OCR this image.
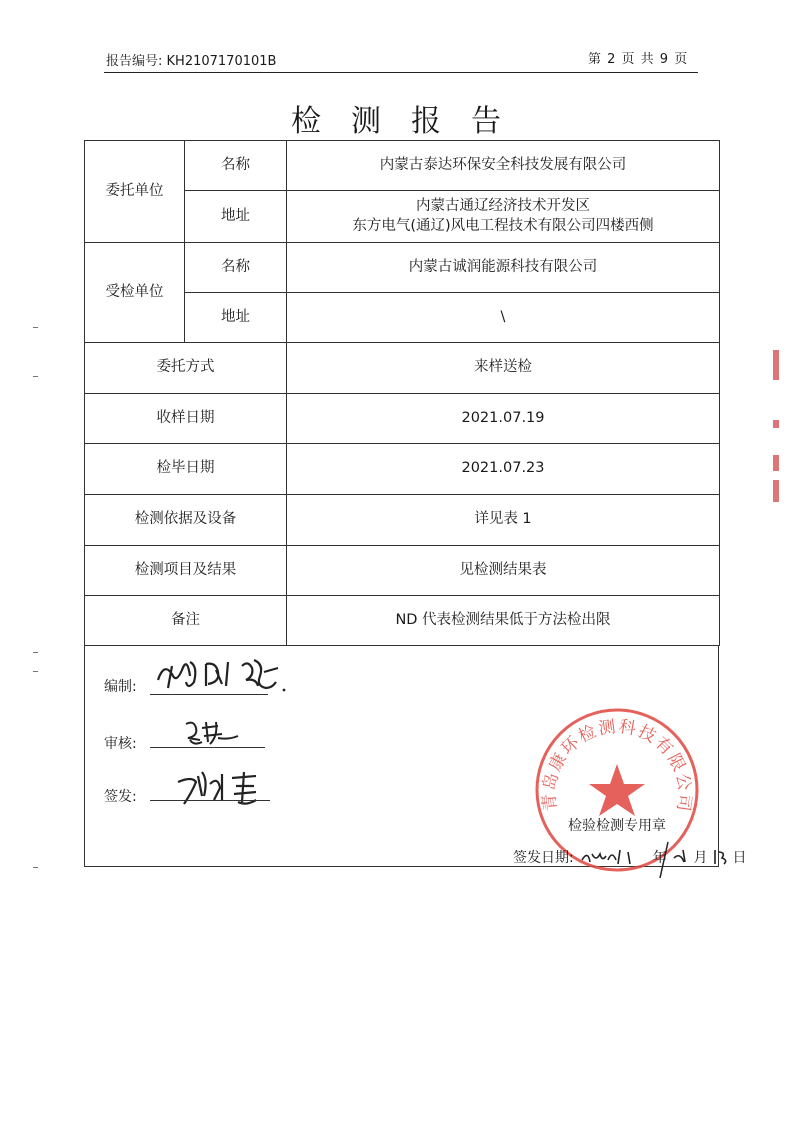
报告编号: KH2107170101B	第 2 页 共 9 页
检测报告
委托单位	名称	内蒙古泰达环保安全科技发展有限公司
	地址	内蒙古通辽经济技术开发区
东方电气(通辽)风电工程技术有限公司四楼西侧

受检单位	名称	内蒙古诚润能源科技有限公司
	地址	\
委托方式		来样送检
收样日期		2021.07.19
检毕日期		2021.07.23
检测依据及设备		详见表 1
检测项目及结果		见检测结果表
备注		ND 代表检测结果低于方法检出限
编制:
审核:
签发:	青岛康环检测科技有限公司
检验检测专用章
签发日期:	年 月 日
